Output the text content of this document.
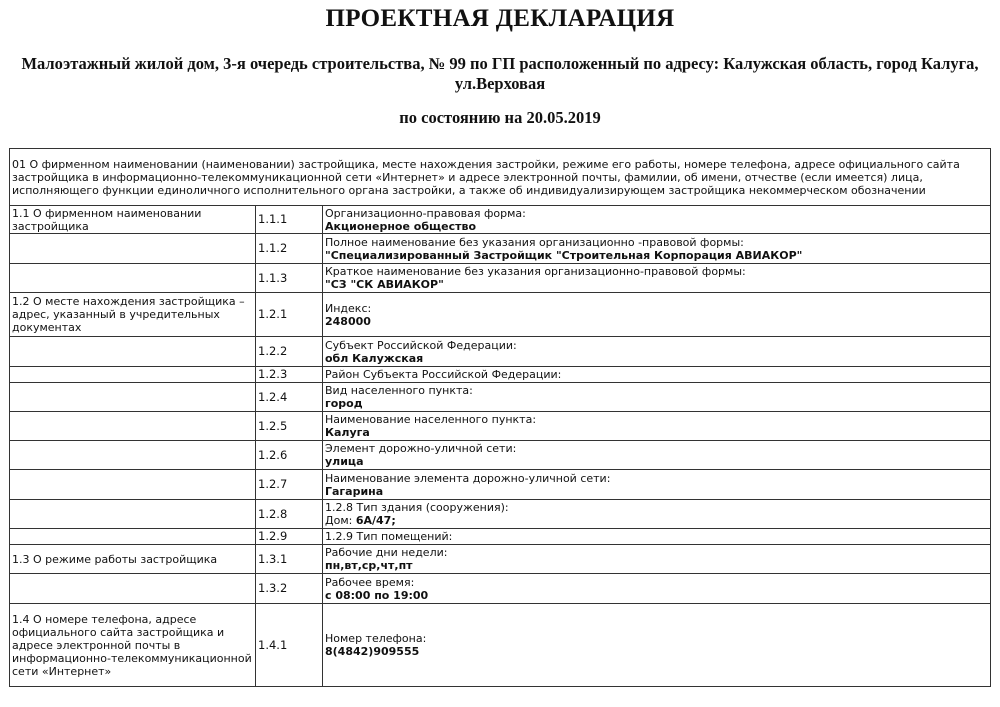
ПРОЕКТНАЯ ДЕКЛАРАЦИЯ
Малоэтажный жилой дом, 3-я очередь строительства, № 99 по ГП расположенный по адресу: Калужская область, город Калуга, ул.Верховая
по состоянию на 20.05.2019
01 О фирменном наименовании (наименовании) застройщика, месте нахождения застройки, режиме его работы, номере телефона, адресе официального сайта застройщика в информационно-телекоммуникационной сети «Интернет» и адресе электронной почты, фамилии, об имени, отчестве (если имеется) лица, исполняющего функции единоличного исполнительного органа застройки, а также об индивидуализирующем застройщика некоммерческом обозначении		
1.1 О фирменном наименовании застройщика	1.1.1	Организационно-правовая форма:
Акционерное общество

	1.1.2	Полное наименование без указания организационно -правовой формы:
"Специализированный Застройщик "Строительная Корпорация АВИАКОР"

	1.1.3	Краткое наименование без указания организационно-правовой формы:
"СЗ "СК АВИАКОР"

1.2 О месте нахождения застройщика – адрес, указанный в учредительных документах	1.2.1	Индекс:
248000

	1.2.2	Субъект Российской Федерации:
обл Калужская

	1.2.3	Район Субъекта Российской Федерации:

	1.2.4	Вид населенного пункта:
город

	1.2.5	Наименование населенного пункта:
Калуга

	1.2.6	Элемент дорожно-уличной сети:
улица

	1.2.7	Наименование элемента дорожно-уличной сети:
Гагарина

	1.2.8	1.2.8 Тип здания (сооружения):
Дом: 6А/47;

	1.2.9	1.2.9 Тип помещений:

1.3 О режиме работы застройщика	1.3.1	Рабочие дни недели:
пн,вт,ср,чт,пт

	1.3.2	Рабочее время:
с 08:00 по 19:00

1.4 О номере телефона, адресе официального сайта застройщика и адресе электронной почты в информационно-телекоммуникационной сети «Интернет»	1.4.1	Номер телефона:
8(4842)909555
